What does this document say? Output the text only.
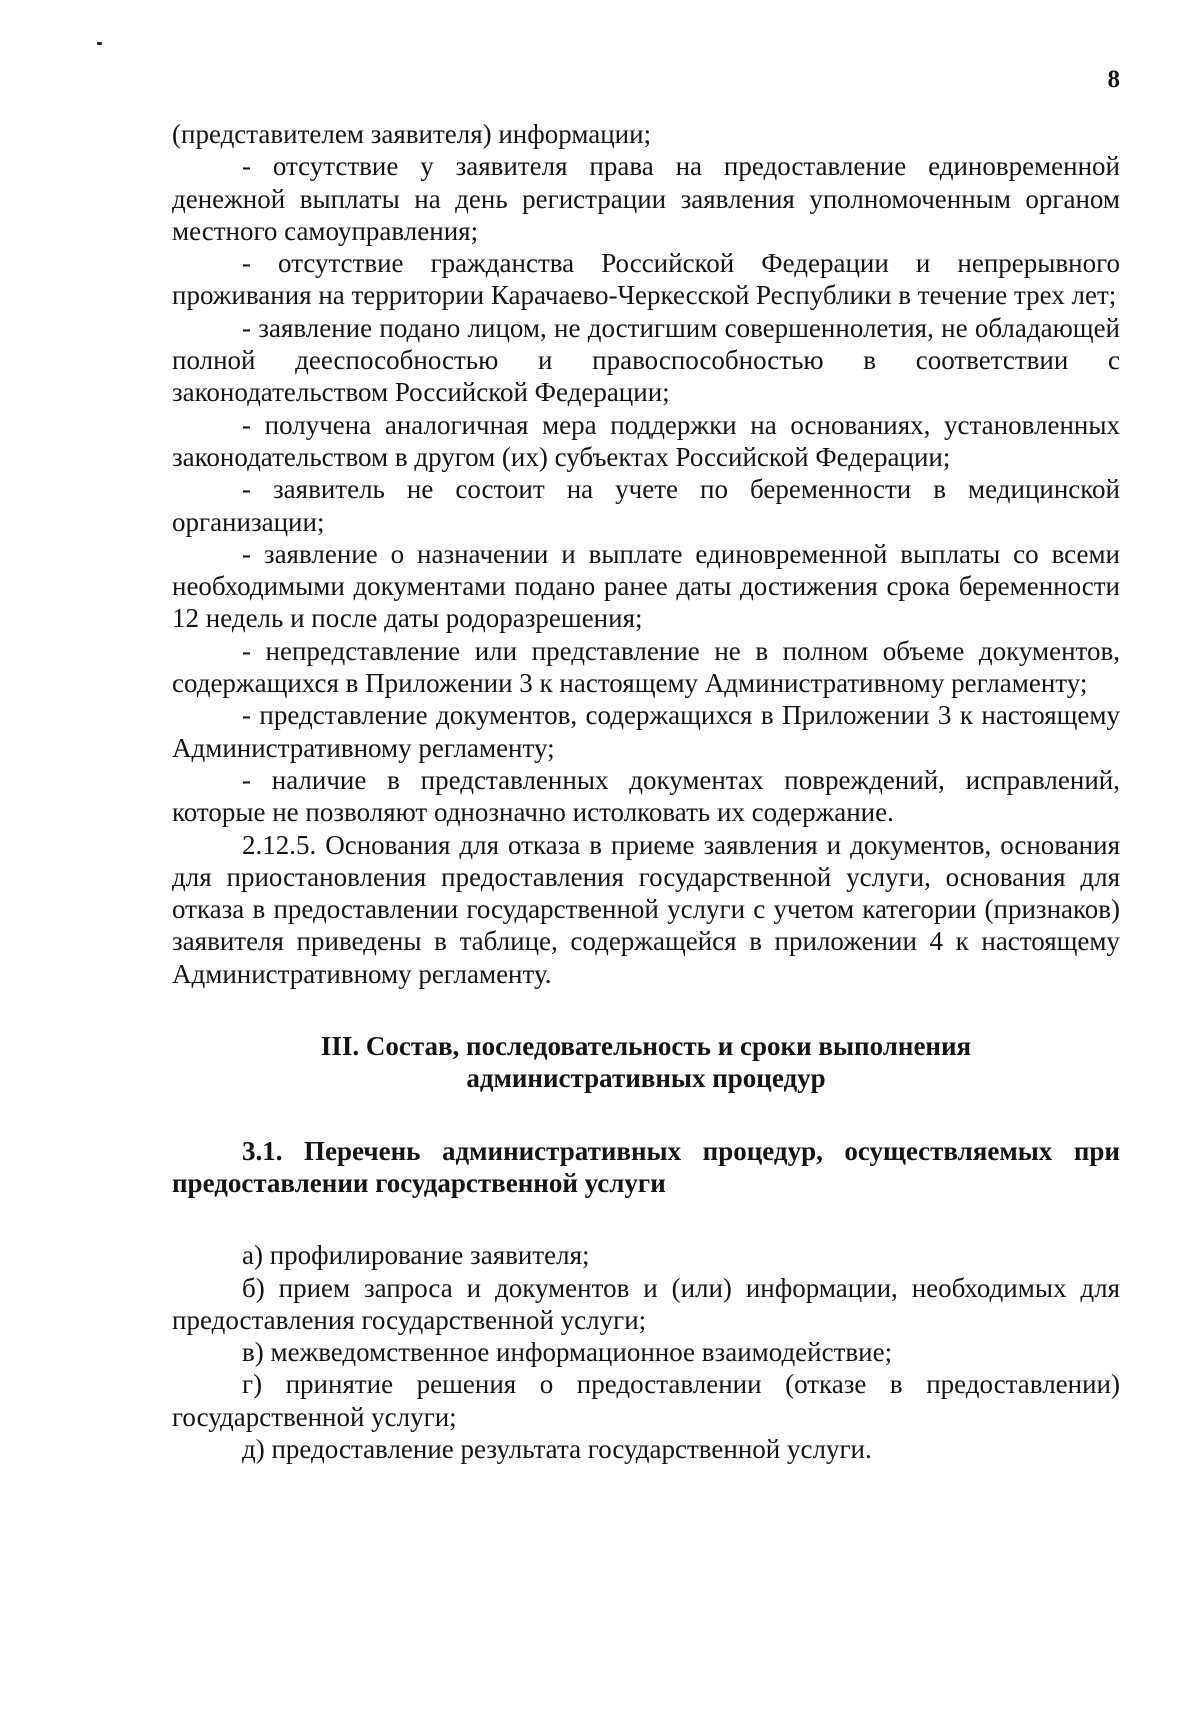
8

(представителем заявителя) информации;

- отсутствие у заявителя права на предоставление единовременной денежной выплаты на день регистрации заявления уполномоченным органом местного самоуправления;

- отсутствие гражданства Российской Федерации и непрерывного проживания на территории Карачаево-Черкесской Республики в течение трех лет;

- заявление подано лицом, не достигшим совершеннолетия, не обладающей полной дееспособностью и правоспособностью в соответствии с законодательством Российской Федерации;

- получена аналогичная мера поддержки на основаниях, установленных законодательством в другом (их) субъектах Российской Федерации;

- заявитель не состоит на учете по беременности в медицинской организации;

- заявление о назначении и выплате единовременной выплаты со всеми необходимыми документами подано ранее даты достижения срока беременности 12 недель и после даты родоразрешения;

- непредставление или представление не в полном объеме документов, содержащихся в Приложении 3 к настоящему Административному регламенту;

- представление документов, содержащихся в Приложении 3 к настоящему Административному регламенту;

- наличие в представленных документах повреждений, исправлений, которые не позволяют однозначно истолковать их содержание.

2.12.5. Основания для отказа в приеме заявления и документов, основания для приостановления предоставления государственной услуги, основания для отказа в предоставлении государственной услуги с учетом категории (признаков) заявителя приведены в таблице, содержащейся в приложении 4 к настоящему Административному регламенту.

III. Состав, последовательность и сроки выполнения административных процедур

3.1. Перечень административных процедур, осуществляемых при предоставлении государственной услуги

а) профилирование заявителя;

б) прием запроса и документов и (или) информации, необходимых для предоставления государственной услуги;

в) межведомственное информационное взаимодействие;

г) принятие решения о предоставлении (отказе в предоставлении) государственной услуги;

д) предоставление результата государственной услуги.
